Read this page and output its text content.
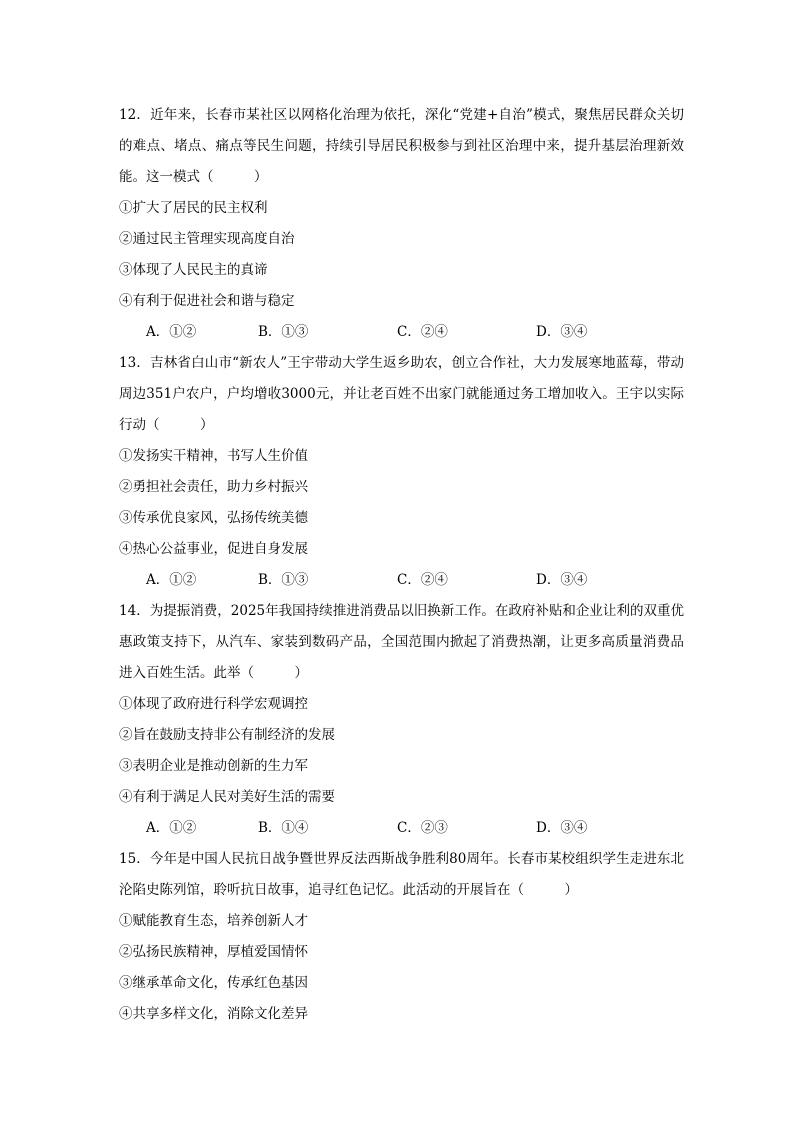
12．近年来，长春市某社区以网格化治理为依托，深化“党建+自治”模式，聚焦居民群众关切的难点、堵点、痛点等民生问题，持续引导居民积极参与到社区治理中来，提升基层治理新效能。这一模式（　　　）

①扩大了居民的民主权利

②通过民主管理实现高度自治

③体现了人民民主的真谛

④有利于促进社会和谐与稳定

A．①②	B．①③	C．②④	D．③④

13．吉林省白山市“新农人”王宇带动大学生返乡助农，创立合作社，大力发展寒地蓝莓，带动周边351户农户，户均增收3000元，并让老百姓不出家门就能通过务工增加收入。王宇以实际行动（　　　）

①发扬实干精神，书写人生价值

②勇担社会责任，助力乡村振兴

③传承优良家风，弘扬传统美德

④热心公益事业，促进自身发展

A．①②	B．①③	C．②④	D．③④

14．为提振消费，2025年我国持续推进消费品以旧换新工作。在政府补贴和企业让利的双重优惠政策支持下，从汽车、家装到数码产品，全国范围内掀起了消费热潮，让更多高质量消费品进入百姓生活。此举（　　　）

①体现了政府进行科学宏观调控

②旨在鼓励支持非公有制经济的发展

③表明企业是推动创新的生力军

④有利于满足人民对美好生活的需要

A．①②	B．①④	C．②③	D．③④

15．今年是中国人民抗日战争暨世界反法西斯战争胜利80周年。长春市某校组织学生走进东北沦陷史陈列馆，聆听抗日故事，追寻红色记忆。此活动的开展旨在（　　　）

①赋能教育生态，培养创新人才

②弘扬民族精神，厚植爱国情怀

③继承革命文化，传承红色基因

④共享多样文化，消除文化差异
